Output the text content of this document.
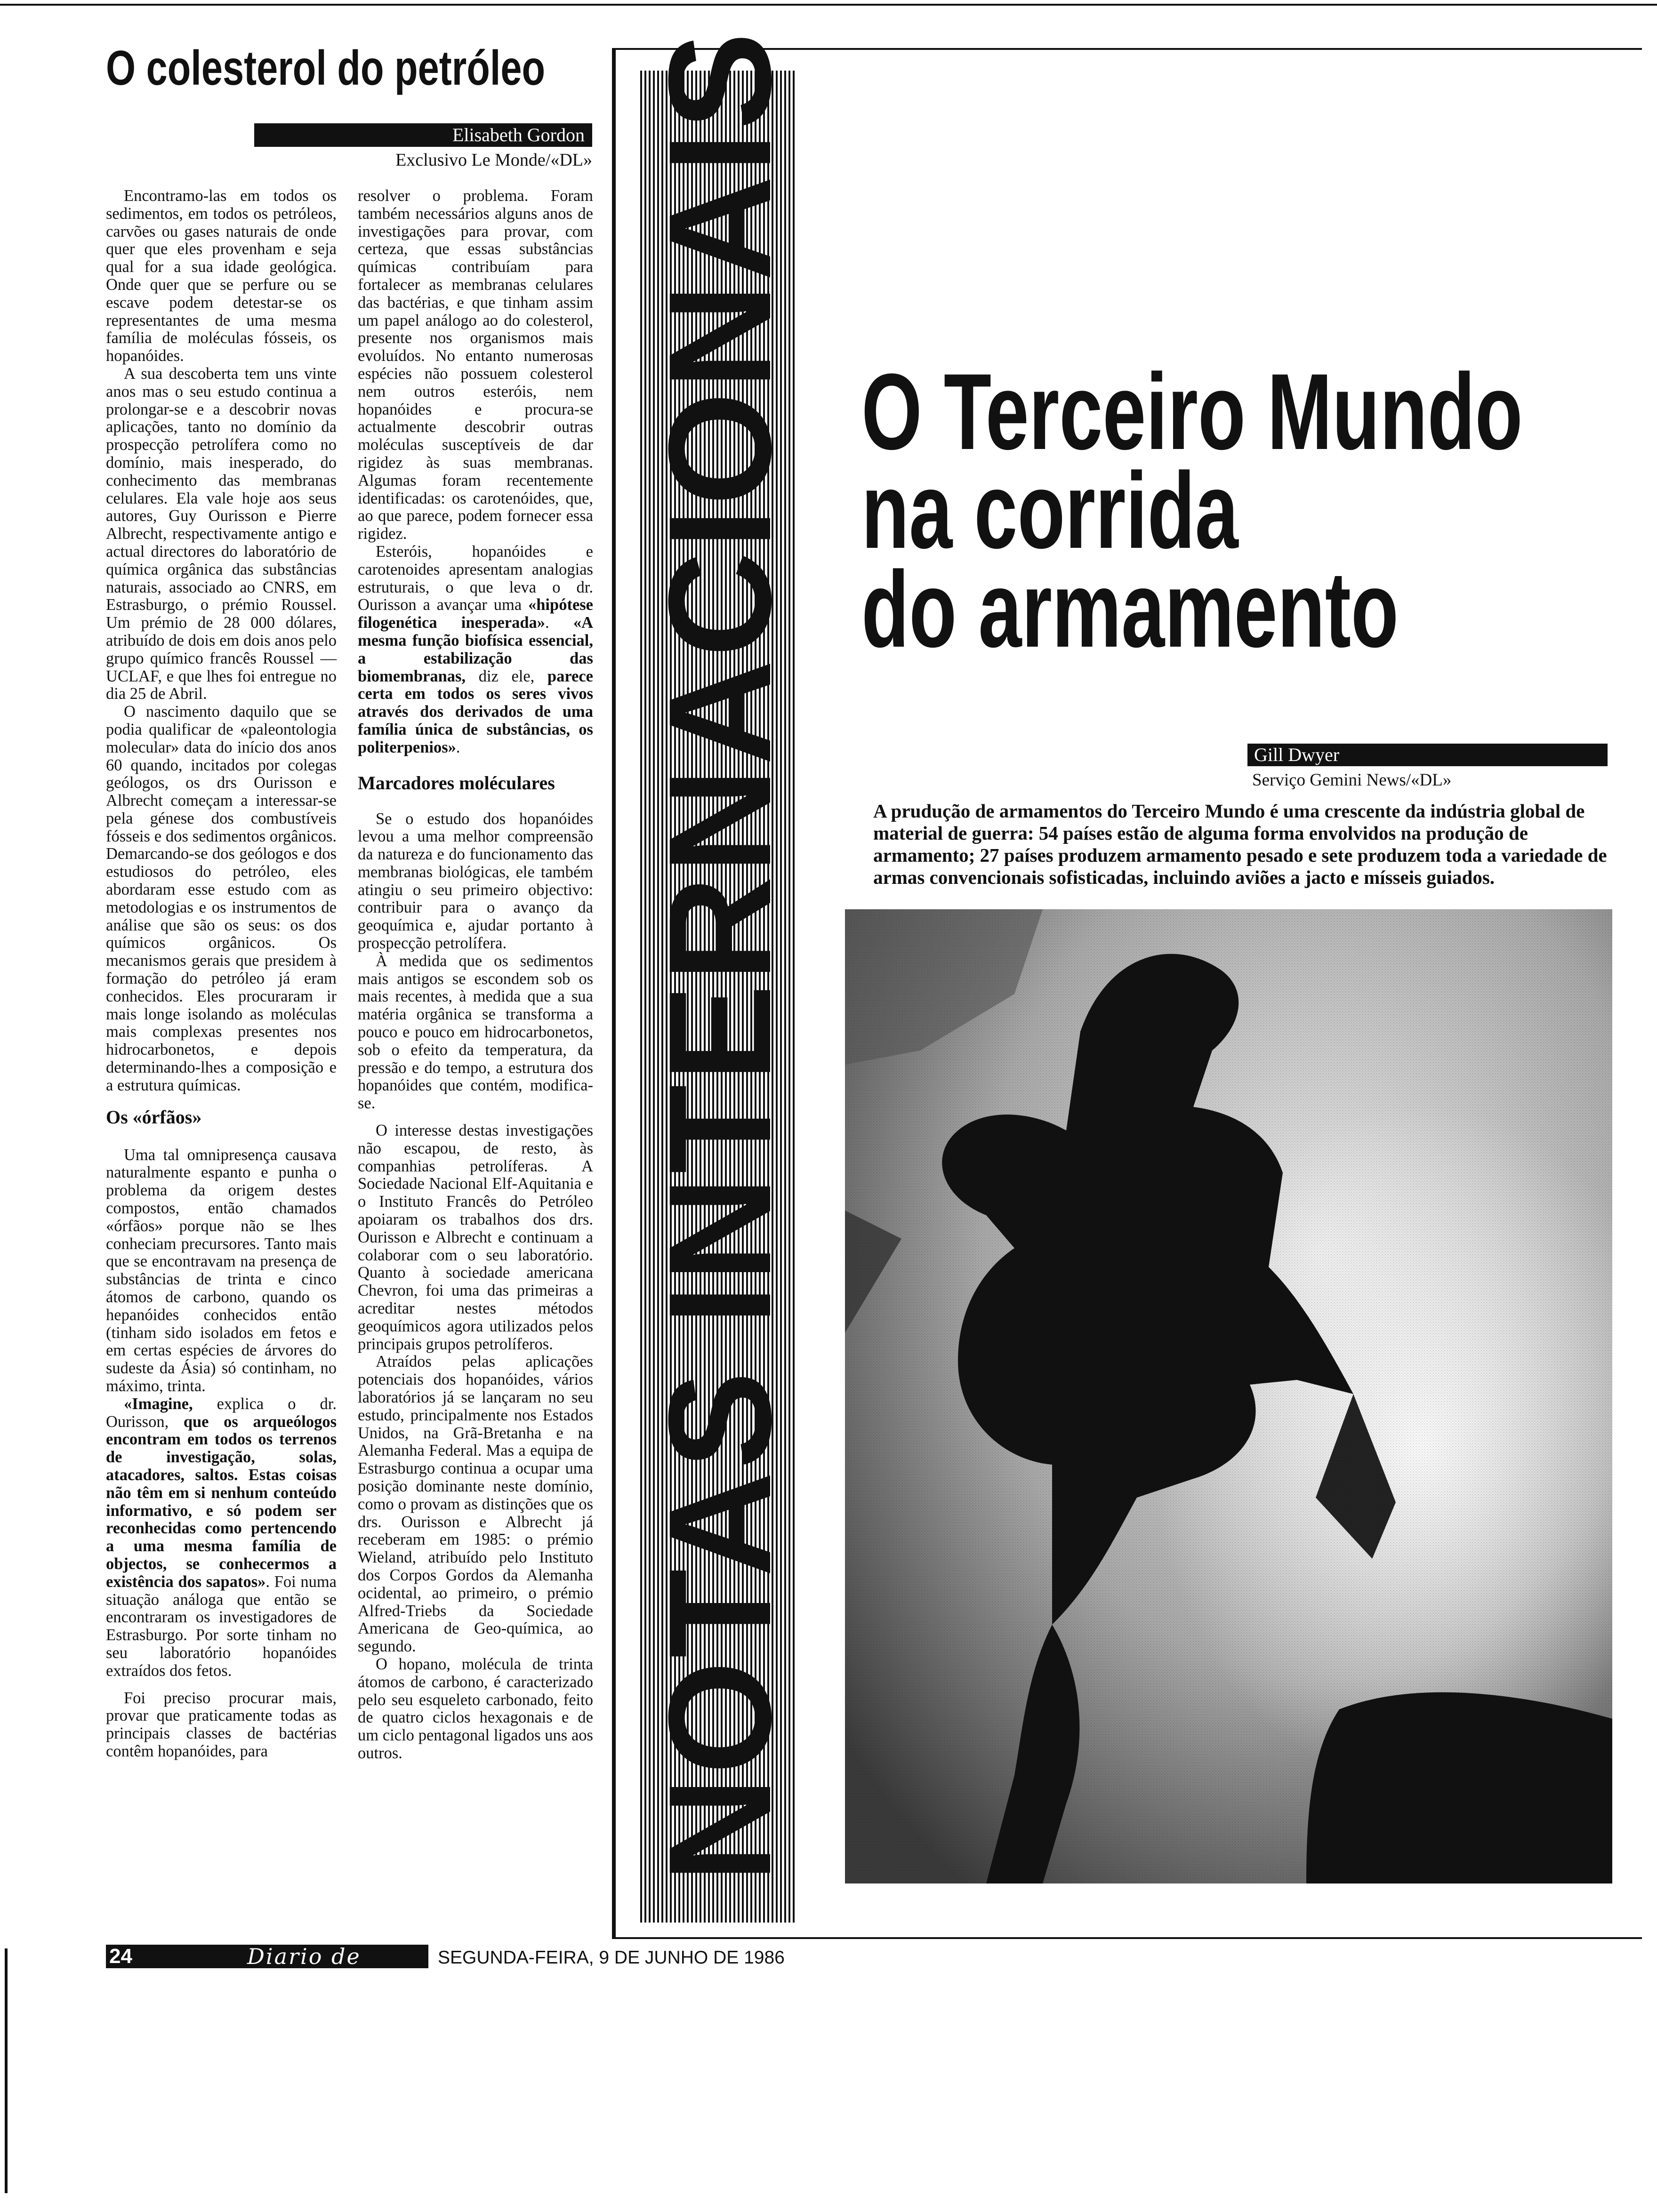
O colesterol do petróleo
Elisabeth Gordon
Exclusivo Le Monde/«DL»

Encontramo-las em todos os sedimentos, em todos os petróleos, carvões ou gases naturais de onde quer que eles provenham e seja qual for a sua idade geológica. Onde quer que se perfure ou se escave podem detestar-se os representantes de uma mesma família de moléculas fósseis, os hopanóides.

A sua descoberta tem uns vinte anos mas o seu estudo continua a prolongar-se e a descobrir novas aplicações, tanto no domínio da prospecção petrolífera como no domínio, mais inesperado, do conhecimento das membranas celulares. Ela vale hoje aos seus autores, Guy Ourisson e Pierre Albrecht, respectivamente antigo e actual directores do laboratório de química orgânica das substâncias naturais, associado ao CNRS, em Estrasburgo, o prémio Roussel. Um prémio de 28 000 dólares, atribuído de dois em dois anos pelo grupo químico francês Roussel — UCLAF, e que lhes foi entregue no dia 25 de Abril.

O nascimento daquilo que se podia qualificar de «paleontologia molecular» data do início dos anos 60 quando, incitados por colegas geólogos, os drs Ourisson e Albrecht começam a interessar-se pela génese dos combustíveis fósseis e dos sedimentos orgânicos. Demarcando-se dos geólogos e dos estudiosos do petróleo, eles abordaram esse estudo com as metodologias e os instrumentos de análise que são os seus: os dos químicos orgânicos. Os mecanismos gerais que presidem à formação do petróleo já eram conhecidos. Eles procuraram ir mais longe isolando as moléculas mais complexas presentes nos hidrocarbonetos, e depois determinando-lhes a composição e a estrutura químicas.

Os «órfãos»

Uma tal omnipresença causava naturalmente espanto e punha o problema da origem destes compostos, então chamados «órfãos» porque não se lhes conheciam precursores. Tanto mais que se encontravam na presença de substâncias de trinta e cinco átomos de carbono, quando os hepanóides conhecidos então (tinham sido isolados em fetos e em certas espécies de árvores do sudeste da Ásia) só continham, no máximo, trinta.

«Imagine, explica o dr. Ourisson, que os arqueólogos encontram em todos os terrenos de investigação, solas, atacadores, saltos. Estas coisas não têm em si nenhum conteúdo informativo, e só podem ser reconhecidas como pertencendo a uma mesma família de objectos, se conhecermos a existência dos sapatos». Foi numa situação análoga que então se encontraram os investigadores de Estrasburgo. Por sorte tinham no seu laboratório hopanóides extraídos dos fetos.

Foi preciso procurar mais, provar que praticamente todas as principais classes de bactérias contêm hopanóides, para

resolver o problema. Foram também necessários alguns anos de investigações para provar, com certeza, que essas substâncias químicas contribuíam para fortalecer as membranas celulares das bactérias, e que tinham assim um papel análogo ao do colesterol, presente nos organismos mais evoluídos. No entanto numerosas espécies não possuem colesterol nem outros esteróis, nem hopanóides e procura-se actualmente descobrir outras moléculas susceptíveis de dar rigidez às suas membranas. Algumas foram recentemente identificadas: os carotenóides, que, ao que parece, podem fornecer essa rigidez.

Esteróis, hopanóides e carotenoides apresentam analogias estruturais, o que leva o dr. Ourisson a avançar uma «hipótese filogenética inesperada». «A mesma função biofísica essencial, a estabilização das biomembranas, diz ele, parece certa em todos os seres vivos através dos derivados de uma família única de substâncias, os politerpenios».

Marcadores moléculares

Se o estudo dos hopanóides levou a uma melhor compreensão da natureza e do funcionamento das membranas biológicas, ele também atingiu o seu primeiro objectivo: contribuir para o avanço da geoquímica e, ajudar portanto à prospecção petrolífera.

À medida que os sedimentos mais antigos se escondem sob os mais recentes, à medida que a sua matéria orgânica se transforma a pouco e pouco em hidrocarbonetos, sob o efeito da temperatura, da pressão e do tempo, a estrutura dos hopanóides que contém, modifica-se.

O interesse destas investigações não escapou, de resto, às companhias petrolíferas. A Sociedade Nacional Elf-Aquitania e o Instituto Francês do Petróleo apoiaram os trabalhos dos drs. Ourisson e Albrecht e continuam a colaborar com o seu laboratório. Quanto à sociedade americana Chevron, foi uma das primeiras a acreditar nestes métodos geoquímicos agora utilizados pelos principais grupos petrolíferos.

Atraídos pelas aplicações potenciais dos hopanóides, vários laboratórios já se lançaram no seu estudo, principalmente nos Estados Unidos, na Grã-Bretanha e na Alemanha Federal. Mas a equipa de Estrasburgo continua a ocupar uma posição dominante neste domínio, como o provam as distinções que os drs. Ourisson e Albrecht já receberam em 1985: o prémio Wieland, atribuído pelo Instituto dos Corpos Gordos da Alemanha ocidental, ao primeiro, o prémio Alfred-Triebs da Sociedade Americana de Geo-química, ao segundo.

O hopano, molécula de trinta átomos de carbono, é caracterizado pelo seu esqueleto carbonado, feito de quatro ciclos hexagonais e de um ciclo pentagonal ligados uns aos outros.	NOTAS INTERNACIONAIS O Terceiro Mundo
na corrida
do armamento
Gill Dwyer
Serviço Gemini News/«DL»
A prudução de armamentos do Terceiro Mundo é uma crescente da indústria global de material de guerra: 54 países estão de alguma forma envolvidos na produção de armamento; 27 países produzem armamento pesado e sete produzem toda a variedade de armas convencionais sofisticadas, incluindo aviões a jacto e mísseis guiados.
24	Diario de Lisboa
SEGUNDA-FEIRA, 9 DE JUNHO DE 1986
